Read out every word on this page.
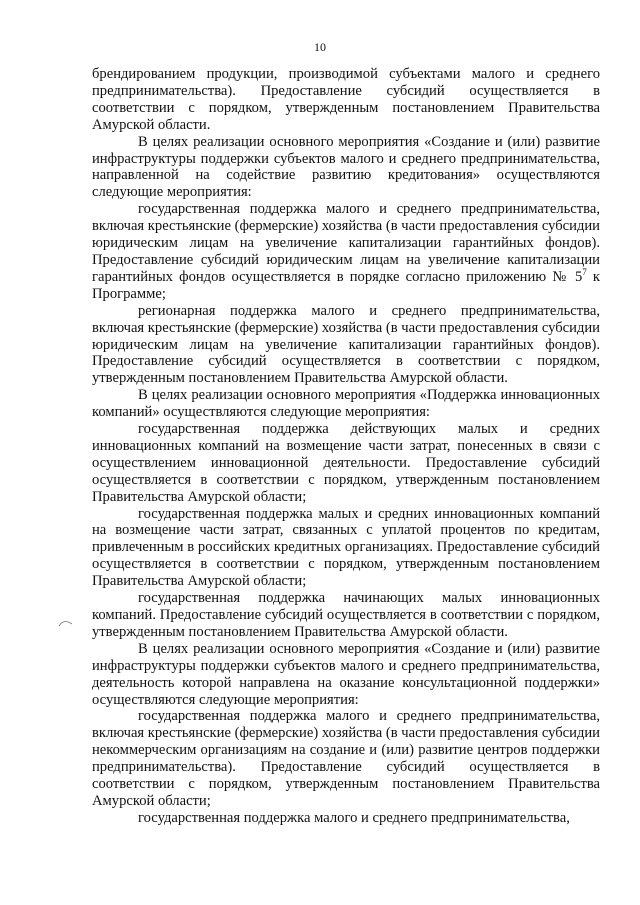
10

брендированием продукции, производимой субъектами малого и среднего предпринимательства). Предоставление субсидий осуществляется в соответствии с порядком, утвержденным постановлением Правительства Амурской области.

В целях реализации основного мероприятия «Создание и (или) развитие инфраструктуры поддержки субъектов малого и среднего предпринимательства, направленной на содействие развитию кредитования» осуществляются следующие мероприятия:

государственная поддержка малого и среднего предпринимательства, включая крестьянские (фермерские) хозяйства (в части предоставления субсидии юридическим лицам на увеличение капитализации гарантийных фондов). Предоставление субсидий юридическим лицам на увеличение капитализации гарантийных фондов осуществляется в порядке согласно приложению № $5^7$ к Программе;

регионарная поддержка малого и среднего предпринимательства, включая крестьянские (фермерские) хозяйства (в части предоставления субсидии юридическим лицам на увеличение капитализации гарантийных фондов). Предоставление субсидий осуществляется в соответствии с порядком, утвержденным постановлением Правительства Амурской области.

В целях реализации основного мероприятия «Поддержка инновационных компаний» осуществляются следующие мероприятия:

государственная поддержка действующих малых и средних инновационных компаний на возмещение части затрат, понесенных в связи с осуществлением инновационной деятельности. Предоставление субсидий осуществляется в соответствии с порядком, утвержденным постановлением Правительства Амурской области;

государственная поддержка малых и средних инновационных компаний на возмещение части затрат, связанных с уплатой процентов по кредитам, привлеченным в российских кредитных организациях. Предоставление субсидий осуществляется в соответствии с порядком, утвержденным постановлением Правительства Амурской области;

государственная поддержка начинающих малых инновационных компаний. Предоставление субсидий осуществляется в соответствии с порядком, утвержденным постановлением Правительства Амурской области.

В целях реализации основного мероприятия «Создание и (или) развитие инфраструктуры поддержки субъектов малого и среднего предпринимательства, деятельность которой направлена на оказание консультационной поддержки» осуществляются следующие мероприятия:

государственная поддержка малого и среднего предпринимательства, включая крестьянские (фермерские) хозяйства (в части предоставления субсидии некоммерческим организациям на создание и (или) развитие центров поддержки предпринимательства). Предоставление субсидий осуществляется в соответствии с порядком, утвержденным постановлением Правительства Амурской области;

государственная поддержка малого и среднего предпринимательства,
